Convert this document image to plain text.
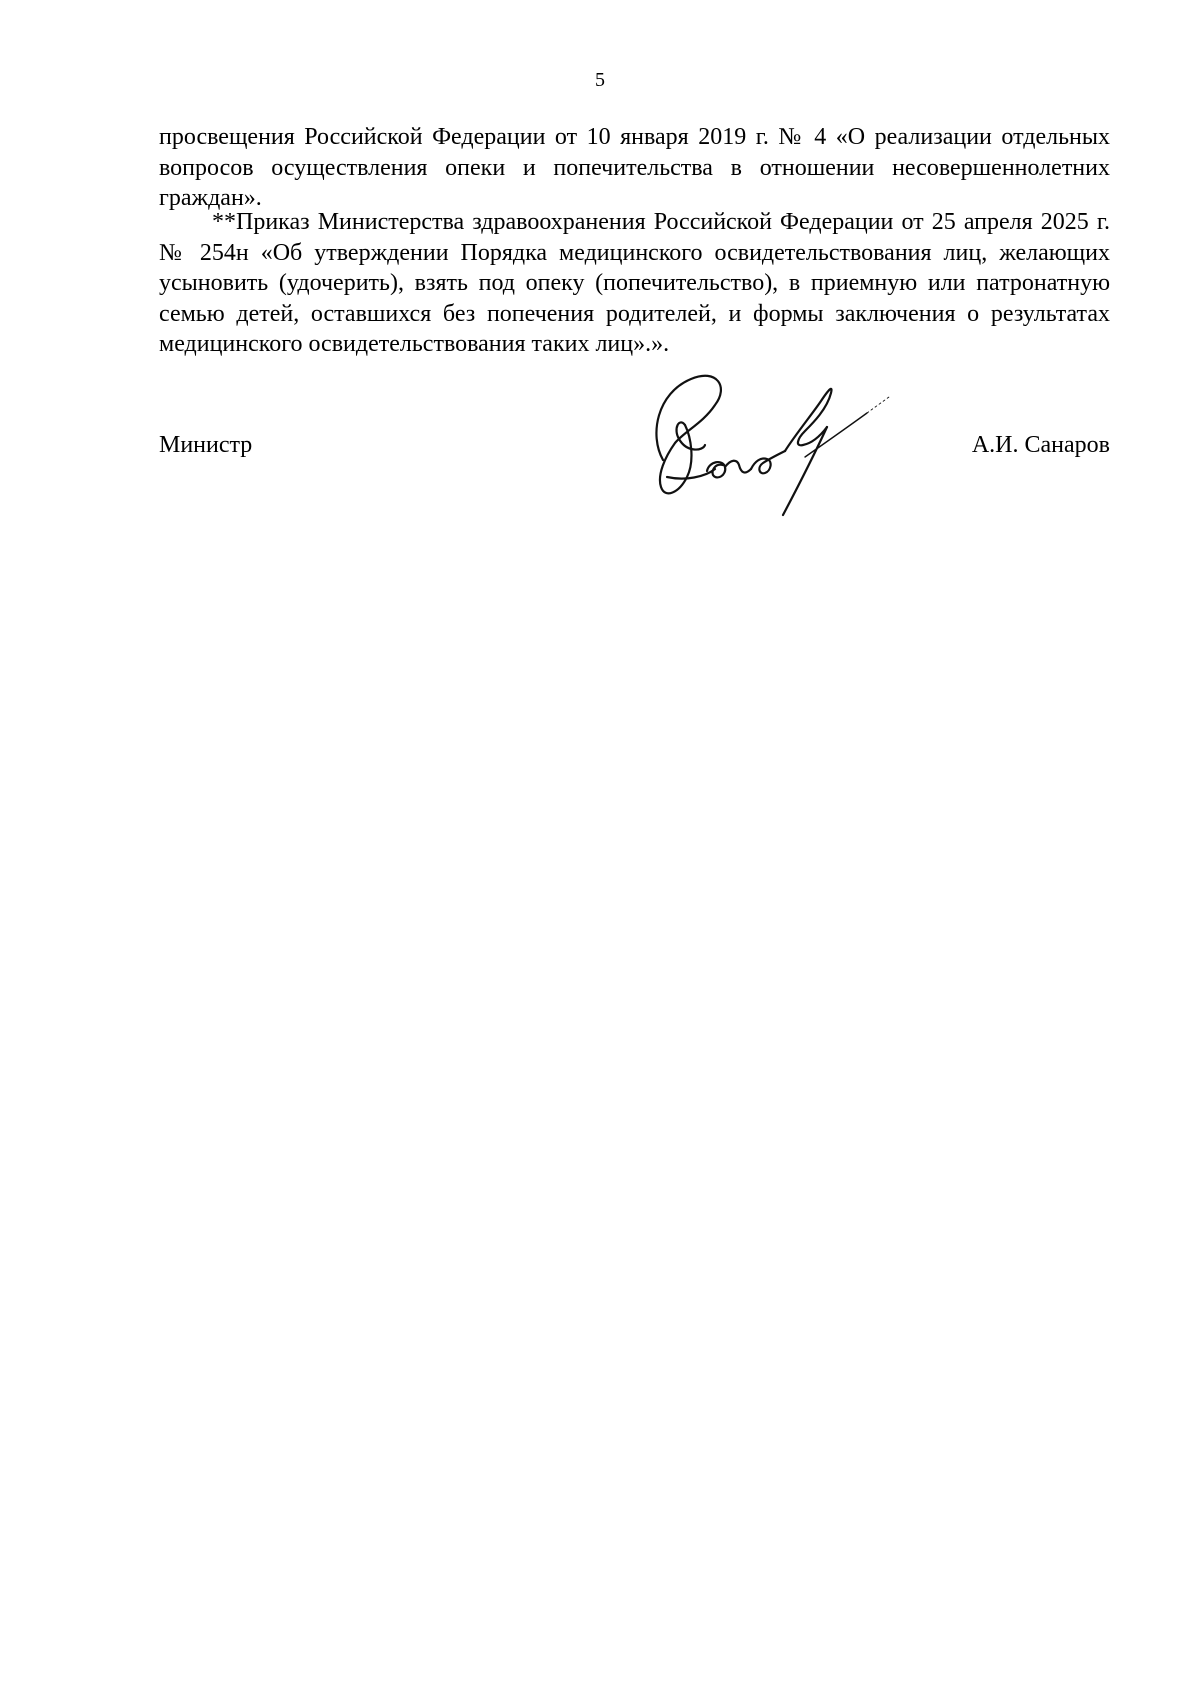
5

просвещения Российской Федерации от 10 января 2019 г. № 4 «О реализации отдельных вопросов осуществления опеки и попечительства в отношении несовершеннолетних граждан».

**Приказ Министерства здравоохранения Российской Федерации от 25 апреля 2025 г. № 254н «Об утверждении Порядка медицинского освидетельствования лиц, желающих усыновить (удочерить), взять под опеку (попечительство), в приемную или патронатную семью детей, оставшихся без попечения родителей, и формы заключения о результатах медицинского освидетельствования таких лиц».».

Министр	А.И. Санаров
